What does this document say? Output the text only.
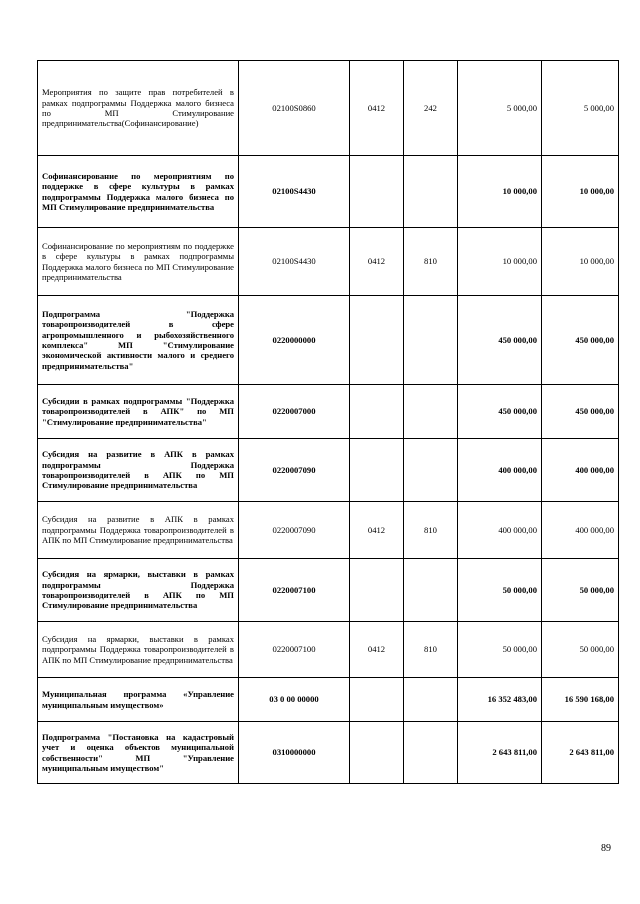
Мероприятия по защите прав потребителей в рамках подпрограммы Поддержка малого бизнеса по МП Стимулирование предпринимательства(Софинансирование)	02100S0860	0412	242	5 000,00	5 000,00
Софинансирование по мероприятиям по поддержке в сфере культуры в рамках подпрограммы Поддержка малого бизнеса по МП Стимулирование предпринимательства	02100S4430			10 000,00	10 000,00
Софинансирование по мероприятиям по поддержке в сфере культуры в рамках подпрограммы Поддержка малого бизнеса по МП Стимулирование предпринимательства	02100S4430	0412	810	10 000,00	10 000,00
Подпрограмма "Поддержка товаропроизводителей в сфере агропромышленного и рыбохозяйственного комплекса" МП "Стимулирование экономической активности малого и среднего предпринимательства"	0220000000			450 000,00	450 000,00
Субсидии в рамках подпрограммы "Поддержка товаропроизводителей в АПК" по МП "Стимулирование предпринимательства"	0220007000			450 000,00	450 000,00
Субсидия на развитие в АПК в рамках подпрограммы Поддержка товаропроизводителей в АПК по МП Стимулирование предпринимательства	0220007090			400 000,00	400 000,00
Субсидия на развитие в АПК в рамках подпрограммы Поддержка товаропроизводителей в АПК по МП Стимулирование предпринимательства	0220007090	0412	810	400 000,00	400 000,00
Субсидия на ярмарки, выставки в рамках подпрограммы Поддержка товаропроизводителей в АПК по МП Стимулирование предпринимательства	0220007100			50 000,00	50 000,00
Субсидия на ярмарки, выставки в рамках подпрограммы Поддержка товаропроизводителей в АПК по МП Стимулирование предпринимательства	0220007100	0412	810	50 000,00	50 000,00
Муниципальная программа «Управление муниципальным имуществом»	03 0 00 00000			16 352 483,00	16 590 168,00
Подпрограмма "Постановка на кадастровый учет и оценка объектов муниципальной собственности" МП "Управление муниципальным имуществом"	0310000000			2 643 811,00	2 643 811,00
89
